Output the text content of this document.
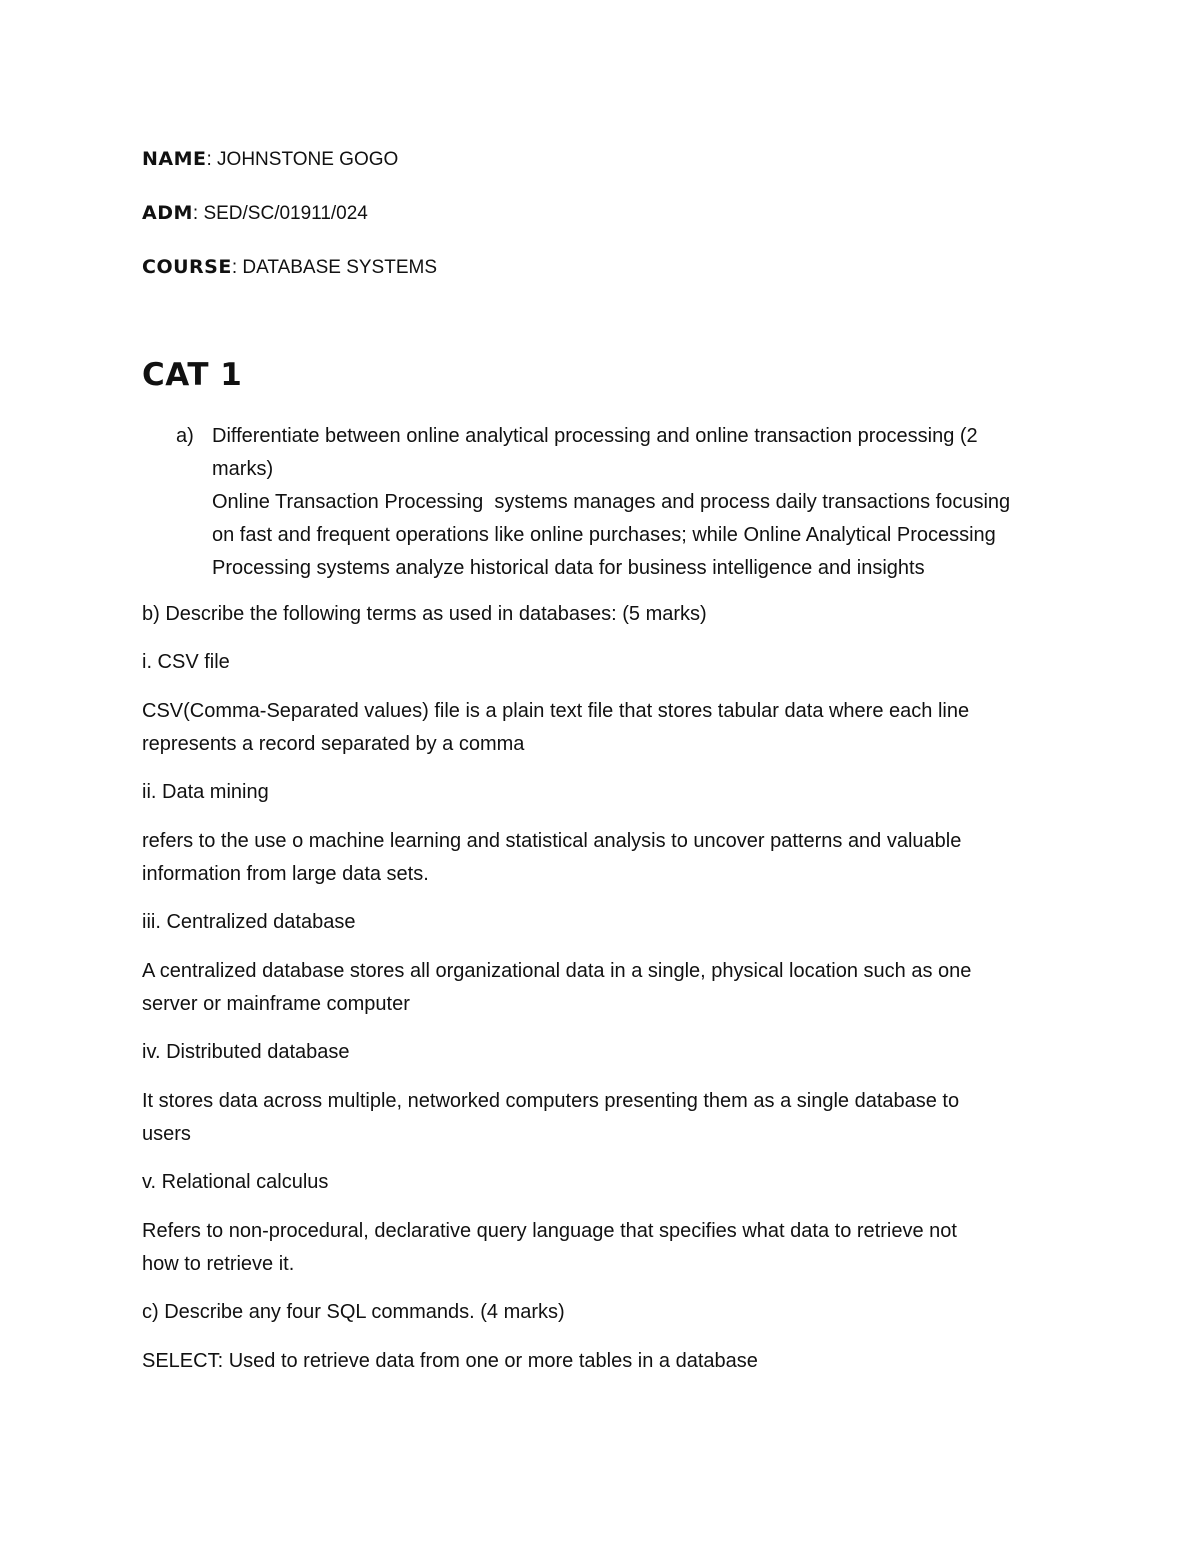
NAME: JOHNSTONE GOGO
ADM: SED/SC/01911/024
COURSE: DATABASE SYSTEMS
CAT 1
a) Differentiate between online analytical processing and online transaction processing (2

marks)

Online Transaction Processing  systems manages and process daily transactions focusing

on fast and frequent operations like online purchases; while Online Analytical Processing

Processing systems analyze historical data for business intelligence and insights

b) Describe the following terms as used in databases: (5 marks)

i. CSV file

CSV(Comma-Separated values) file is a plain text file that stores tabular data where each line

represents a record separated by a comma

ii. Data mining

refers to the use o machine learning and statistical analysis to uncover patterns and valuable

information from large data sets.

iii. Centralized database

A centralized database stores all organizational data in a single, physical location such as one

server or mainframe computer

iv. Distributed database

It stores data across multiple, networked computers presenting them as a single database to

users

v. Relational calculus

Refers to non-procedural, declarative query language that specifies what data to retrieve not

how to retrieve it.

c) Describe any four SQL commands. (4 marks)

SELECT: Used to retrieve data from one or more tables in a database
